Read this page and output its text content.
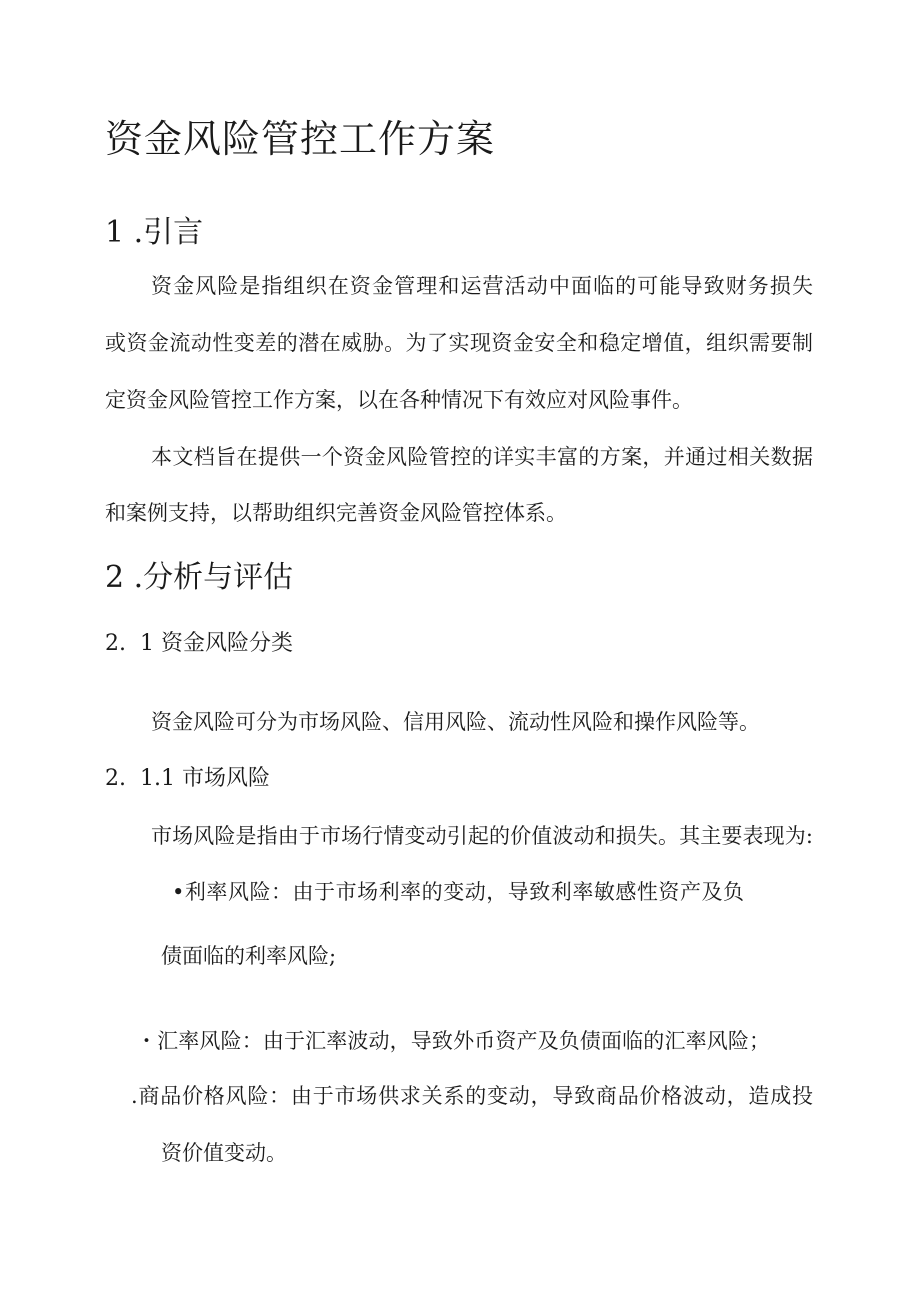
资金风险管控工作方案
1 .引言
资金风险是指组织在资金管理和运营活动中面临的可能导致财务损失
或资金流动性变差的潜在威胁。为了实现资金安全和稳定增值，组织需要制
定资金风险管控工作方案，以在各种情况下有效应对风险事件。
本文档旨在提供一个资金风险管控的详实丰富的方案，并通过相关数据
和案例支持，以帮助组织完善资金风险管控体系。
2 .分析与评估
2.  1 资金风险分类
资金风险可分为市场风险、信用风险、流动性风险和操作风险等。
2.  1.1 市场风险
市场风险是指由于市场行情变动引起的价值波动和损失。其主要表现为:
•利率风险：由于市场利率的变动，导致利率敏感性资产及负
债面临的利率风险;
・汇率风险：由于汇率波动，导致外币资产及负债面临的汇率风险；
.商品价格风险：由于市场供求关系的变动，导致商品价格波动，造成投
资价值变动。
